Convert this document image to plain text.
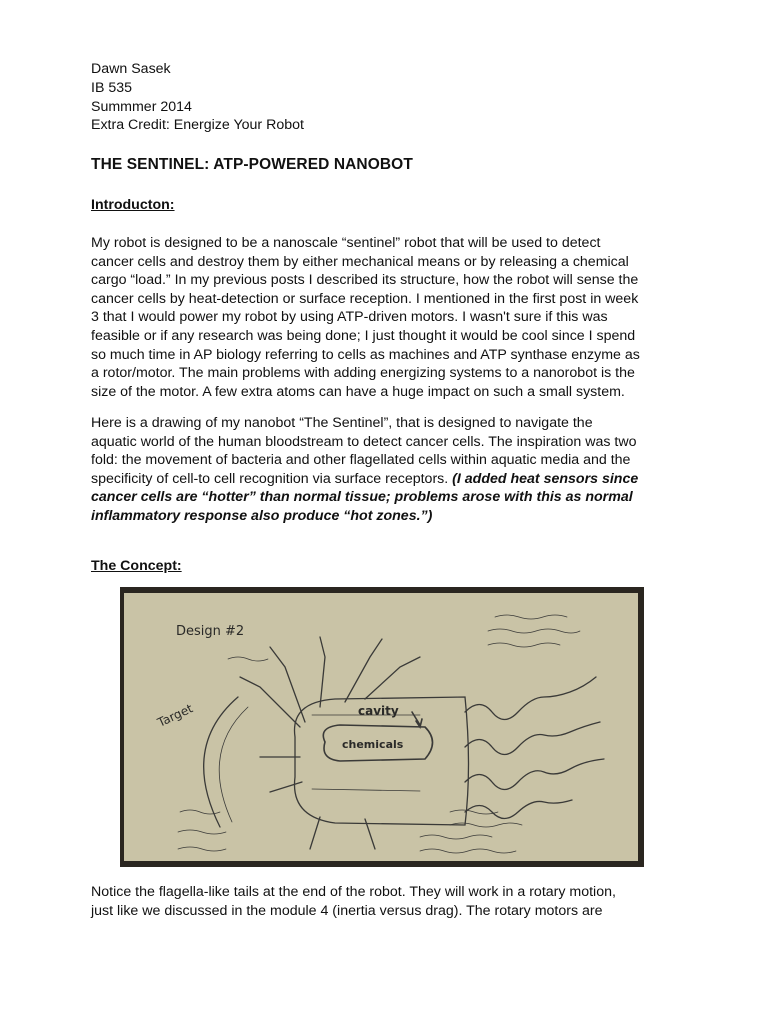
Dawn Sasek
IB 535
Summmer 2014
Extra Credit: Energize Your Robot
THE SENTINEL: ATP-POWERED NANOBOT
Introducton:
My robot is designed to be a nanoscale “sentinel” robot that will be used to detect
cancer cells and destroy them by either mechanical means or by releasing a chemical
cargo “load.” In my previous posts I described its structure, how the robot will sense the
cancer cells by heat-detection or surface reception. I mentioned in the first post in week
3 that I would power my robot by using ATP-driven motors. I wasn't sure if this was
feasible or if any research was being done; I just thought it would be cool since I spend
so much time in AP biology referring to cells as machines and ATP synthase enzyme as
a rotor/motor. The main problems with adding energizing systems to a nanorobot is the
size of the motor. A few extra atoms can have a huge impact on such a small system.
Here is a drawing of my nanobot “The Sentinel”, that is designed to navigate the
aquatic world of the human bloodstream to detect cancer cells. The inspiration was two
fold: the movement of bacteria and other flagellated cells within aquatic media and the
specificity of cell-to cell recognition via surface receptors. (I added heat sensors since
cancer cells are “hotter” than normal tissue; problems arose with this as normal
inflammatory response also produce “hot zones.”)
The Concept:
Design #2
Target	cavity
chemicals
Notice the flagella-like tails at the end of the robot. They will work in a rotary motion,
just like we discussed in the module 4 (inertia versus drag). The rotary motors are
